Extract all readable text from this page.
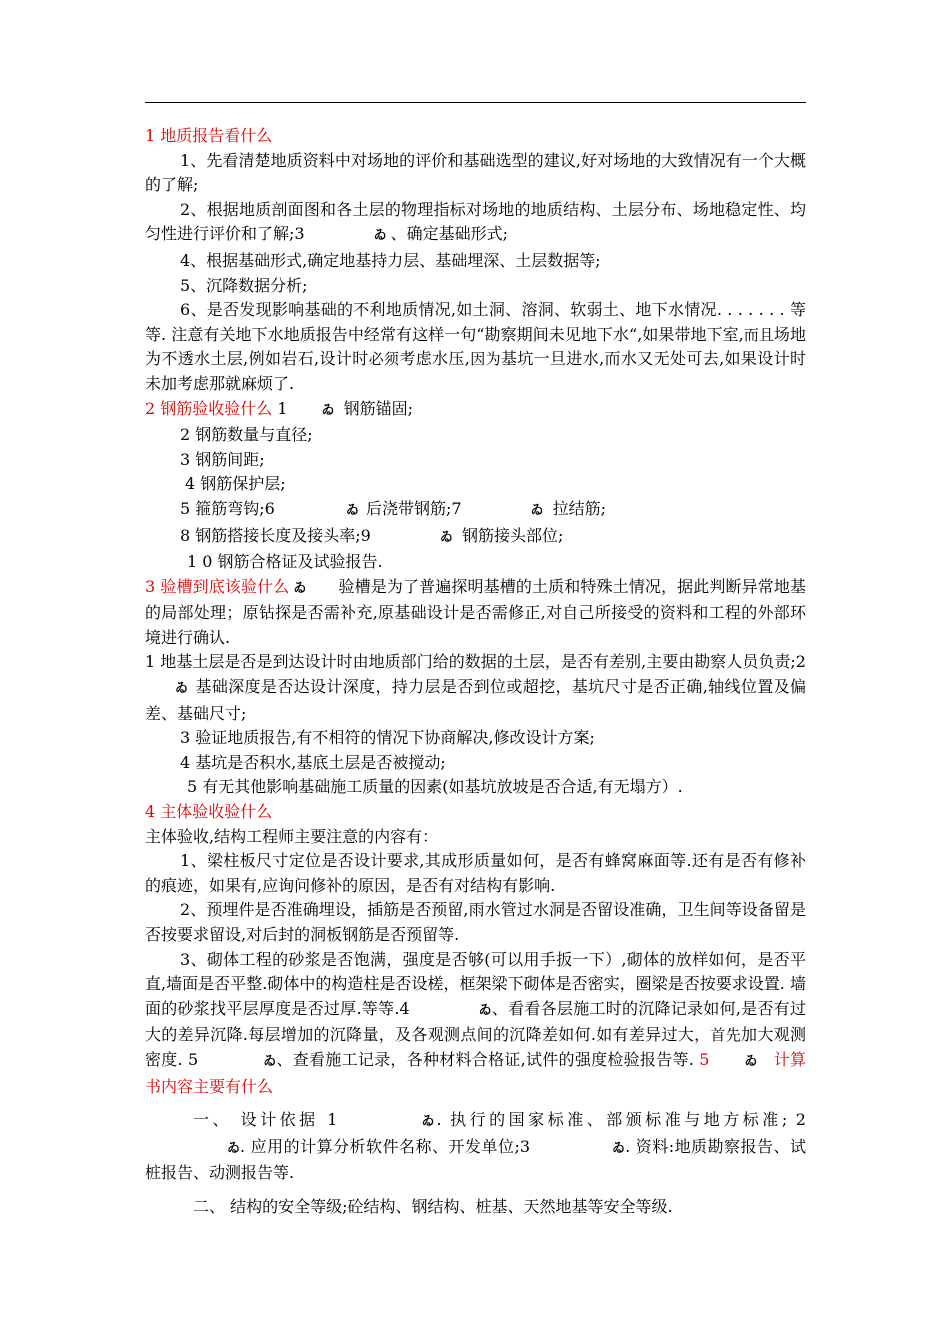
1 地质报告看什么

1、先看清楚地质资料中对场地的评价和基础选型的建议,好对场地的大致情况有一个大概的了解;

2、根据地质剖面图和各土层的物理指标对场地的地质结构、土层分布、场地稳定性、均匀性进行评价和了解;3	ゐ 、确定基础形式;

4、根据基础形式,确定地基持力层、基础埋深、土层数据等;

5、沉降数据分析;

6、是否发现影响基础的不利地质情况,如土洞、溶洞、软弱土、地下水情况. . . . . . . 等等. 注意有关地下水地质报告中经常有这样一句“勘察期间未见地下水“,如果带地下室,而且场地为不透水土层,例如岩石,设计时必须考虑水压,因为基坑一旦进水,而水又无处可去,如果设计时未加考虑那就麻烦了.

2 钢筋验收验什么 1	ゐ 钢筋锚固;

2 钢筋数量与直径;

3 钢筋间距;

4 钢筋保护层;

5 箍筋弯钩;6	ゐ 后浇带钢筋;7	ゐ 拉结筋;

8 钢筋搭接长度及接头率;9	ゐ 钢筋接头部位;

1 0 钢筋合格证及试验报告.

3 验槽到底该验什么 ゐ 验槽是为了普遍探明基槽的土质和特殊土情况，据此判断异常地基的局部处理；原钻探是否需补充,原基础设计是否需修正,对自己所接受的资料和工程的外部环境进行确认.

1 地基土层是否是到达设计时由地质部门给的数据的土层，是否有差别,主要由勘察人员负责;2ゐ 基础深度是否达设计深度，持力层是否到位或超挖，基坑尺寸是否正确,轴线位置及偏差、基础尺寸;

3 验证地质报告,有不相符的情况下协商解决,修改设计方案;

4 基坑是否积水,基底土层是否被搅动;

5 有无其他影响基础施工质量的因素(如基坑放坡是否合适,有无塌方）.

4 主体验收验什么

主体验收,结构工程师主要注意的内容有：

1、梁柱板尺寸定位是否设计要求,其成形质量如何，是否有蜂窝麻面等.还有是否有修补的痕迹，如果有,应询问修补的原因，是否有对结构有影响.

2、预埋件是否准确埋设，插筋是否预留,雨水管过水洞是否留设准确，卫生间等设备留是否按要求留设,对后封的洞板钢筋是否预留等.

3、砌体工程的砂浆是否饱满，强度是否够(可以用手扳一下）,砌体的放样如何，是否平直,墙面是否平整.砌体中的构造柱是否设槎，框架梁下砌体是否密实，圈梁是否按要求设置. 墙面的砂浆找平层厚度是否过厚.等等.4	ゐ、看看各层施工时的沉降记录如何,是否有过大的差异沉降.每层增加的沉降量，及各观测点间的沉降差如何.如有差异过大，首先加大观测密度. 5	ゐ、查看施工记录，各种材料合格证,试件的强度检验报告等. 5	ゐ 计算书内容主要有什么

一、 设计依据 1	ゐ . 执行的国家标准、部颁标准与地方标准; 2ゐ. 应用的计算分析软件名称、开发单位;3	ゐ. 资料:地质勘察报告、试桩报告、动测报告等.

二、 结构的安全等级;砼结构、钢结构、桩基、天然地基等安全等级.
